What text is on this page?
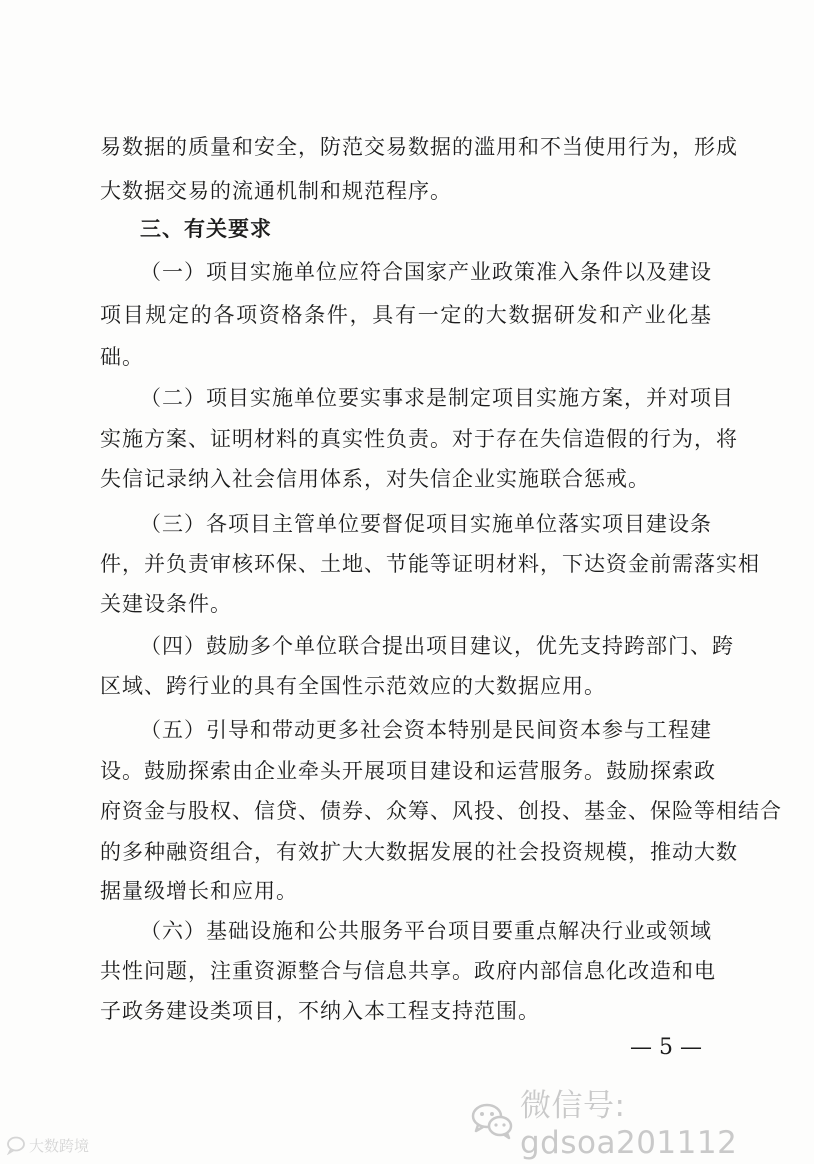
易数据的质量和安全，防范交易数据的滥用和不当使用行为，形成
大数据交易的流通机制和规范程序。
三、有关要求
（一）项目实施单位应符合国家产业政策准入条件以及建设
项目规定的各项资格条件，具有一定的大数据研发和产业化基
础。
（二）项目实施单位要实事求是制定项目实施方案，并对项目
实施方案、证明材料的真实性负责。对于存在失信造假的行为，将
失信记录纳入社会信用体系，对失信企业实施联合惩戒。
（三）各项目主管单位要督促项目实施单位落实项目建设条
件，并负责审核环保、土地、节能等证明材料，下达资金前需落实相
关建设条件。
（四）鼓励多个单位联合提出项目建议，优先支持跨部门、跨
区域、跨行业的具有全国性示范效应的大数据应用。
（五）引导和带动更多社会资本特别是民间资本参与工程建
设。鼓励探索由企业牵头开展项目建设和运营服务。鼓励探索政
府资金与股权、信贷、债券、众筹、风投、创投、基金、保险等相结合
的多种融资组合，有效扩大大数据发展的社会投资规模，推动大数
据量级增长和应用。
（六）基础设施和公共服务平台项目要重点解决行业或领域
共性问题，注重资源整合与信息共享。政府内部信息化改造和电
子政务建设类项目，不纳入本工程支持范围。
— 5 —
微信号: gdsoa201112
大数跨境
